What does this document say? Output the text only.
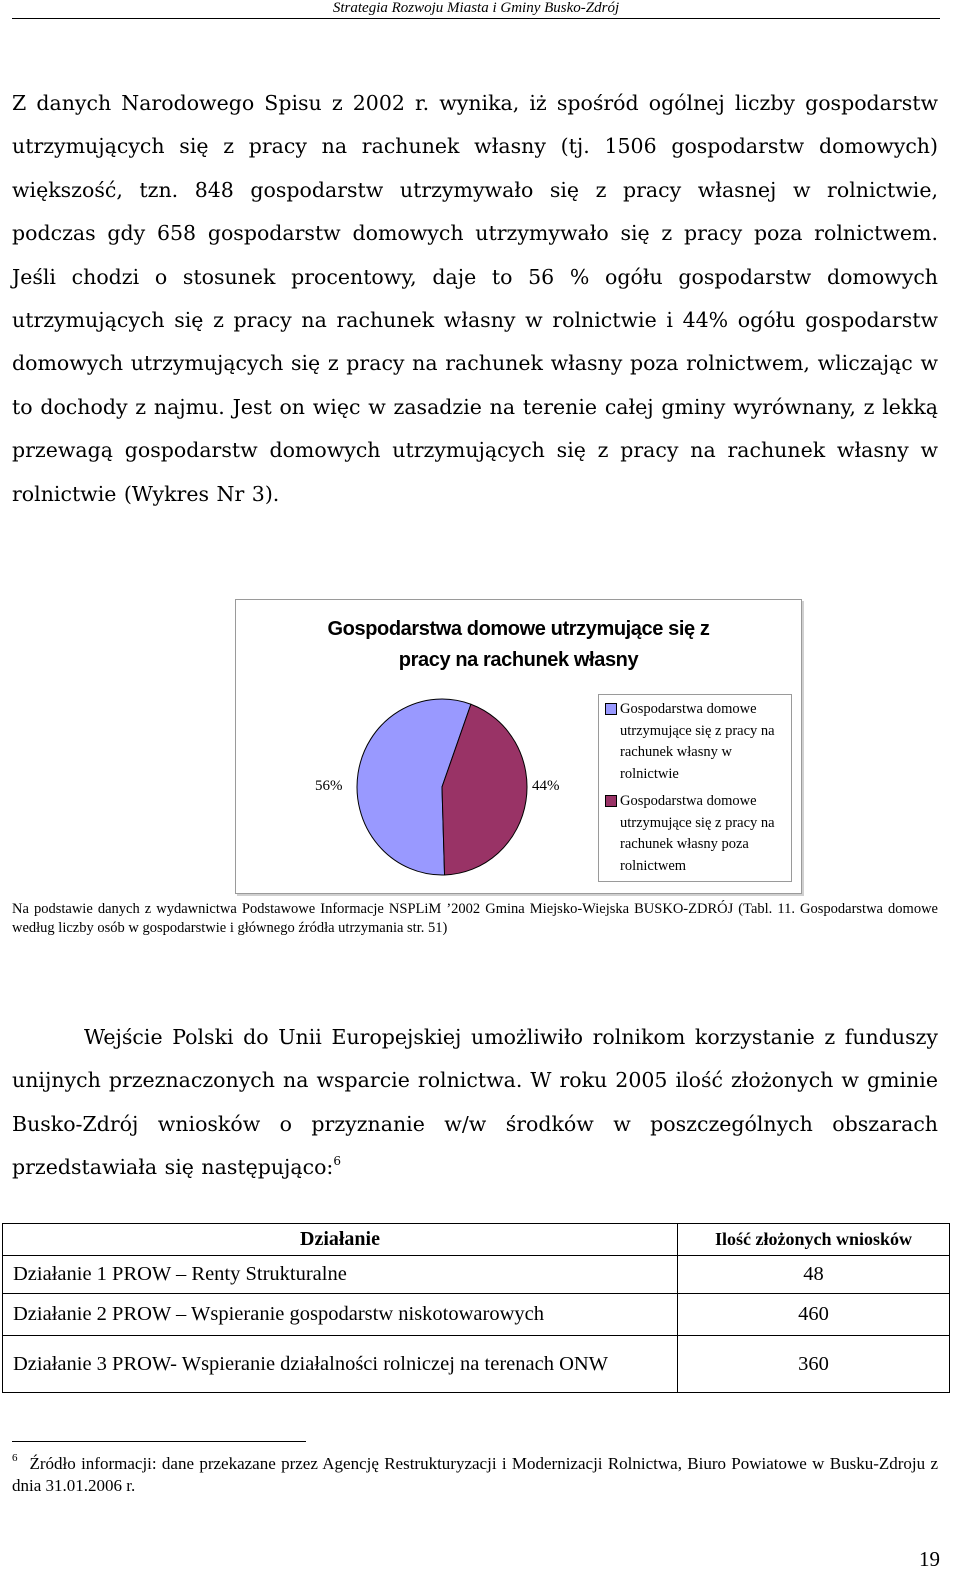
Strategia Rozwoju Miasta i Gminy Busko-Zdrój

Z danych Narodowego Spisu z 2002 r. wynika, iż spośród ogólnej liczby gospodarstw utrzymujących się z pracy na rachunek własny (tj. 1506 gospodarstw domowych) większość, tzn. 848 gospodarstw utrzymywało się z pracy własnej w rolnictwie, podczas gdy 658 gospodarstw domowych utrzymywało się z pracy poza rolnictwem. Jeśli chodzi o stosunek procentowy, daje to 56 % ogółu gospodarstw domowych utrzymujących się z pracy na rachunek własny w rolnictwie i 44% ogółu gospodarstw domowych utrzymujących się z pracy na rachunek własny poza rolnictwem, wliczając w to dochody z najmu. Jest on więc w zasadzie na terenie całej gminy wyrównany, z lekką przewagą gospodarstw domowych utrzymujących się z pracy na rachunek własny w rolnictwie (Wykres Nr 3).

Gospodarstwa domowe utrzymujące się z
pracy na rachunek własny
56%	44%
Gospodarstwa domowe utrzymujące się z pracy na rachunek własny w rolnictwie
Gospodarstwa domowe utrzymujące się z pracy na rachunek własny poza rolnictwem

Na podstawie danych z wydawnictwa Podstawowe Informacje NSPLiM ’2002 Gmina Miejsko-Wiejska BUSKO-ZDRÓJ (Tabl. 11. Gospodarstwa domowe według liczby osób w gospodarstwie i głównego źródła utrzymania str. 51)

Wejście Polski do Unii Europejskiej umożliwiło rolnikom korzystanie z funduszy unijnych przeznaczonych na wsparcie rolnictwa. W roku 2005 ilość złożonych w gminie Busko-Zdrój wniosków o przyznanie w/w środków w poszczególnych obszarach przedstawiała się następująco:$^6$

Działanie	Ilość złożonych wniosków
Działanie 1 PROW – Renty Strukturalne	48
Działanie 2 PROW – Wspieranie gospodarstw niskotowarowych	460
Działanie 3 PROW- Wspieranie działalności rolniczej na terenach ONW	360

$^6$ Źródło informacji: dane przekazane przez Agencję Restrukturyzacji i Modernizacji Rolnictwa, Biuro Powiatowe w Busku-Zdroju z dnia 31.01.2006 r.

19
